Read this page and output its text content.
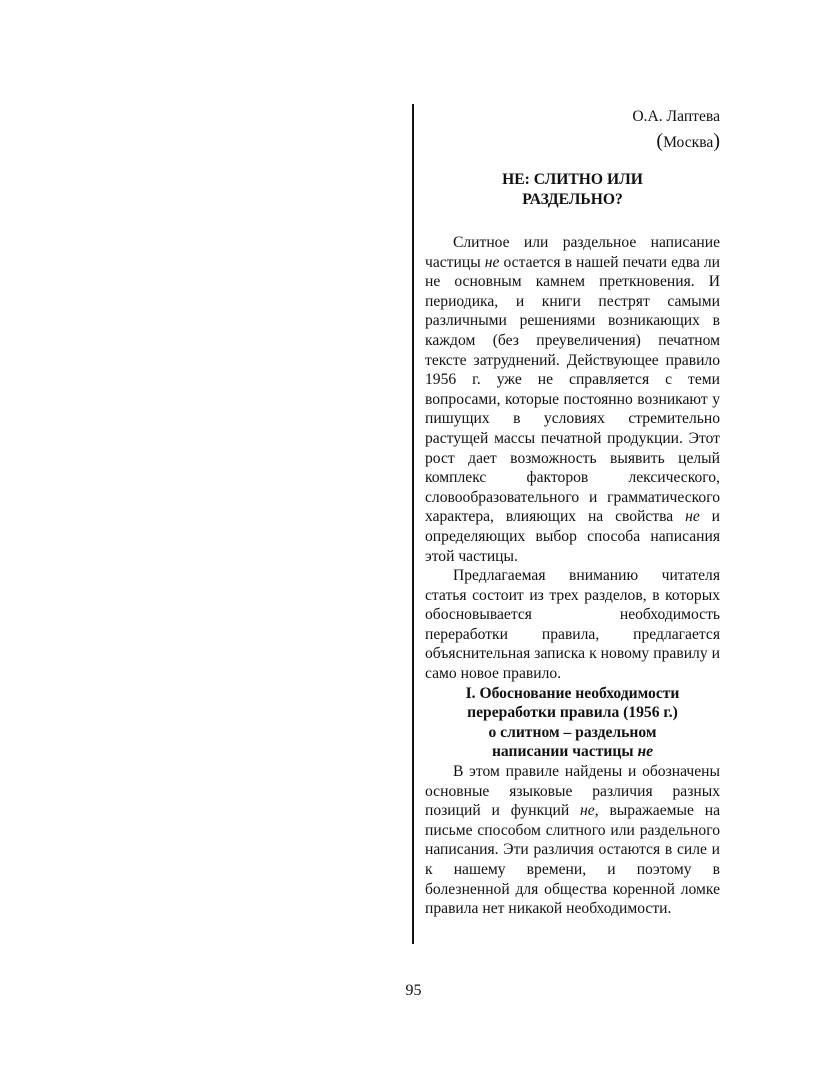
О.А. Лаптева
(Москва)
НЕ: СЛИТНО ИЛИ
РАЗДЕЛЬНО?
Слитное или раздельное написание частицы не остается в нашей печати едва ли не основным камнем преткновения. И периодика, и книги пестрят самыми различными решениями возникающих в каждом (без преувеличения) печатном тексте затруднений. Действующее правило 1956 г. уже не справляется с теми вопросами, которые постоянно возникают у пишущих в условиях стремительно растущей массы печатной продукции. Этот рост дает возможность выявить целый комплекс факторов лексического, словообразовательного и грамматического характера, влияющих на свойства не и определяющих выбор способа написания этой частицы.
Предлагаемая вниманию читателя статья состоит из трех разделов, в которых обосновывается необходимость переработки правила, предлагается объяснительная записка к новому правилу и само новое правило.
I. Обоснование необходимости
переработки правила (1956 г.)
о слитном – раздельном
написании частицы не
В этом правиле найдены и обозначены основные языковые различия разных позиций и функций не, выражаемые на письме способом слитного или раздельного написания. Эти различия остаются в силе и к нашему времени, и поэтому в болезненной для общества коренной ломке правила нет никакой необходимости.
95
